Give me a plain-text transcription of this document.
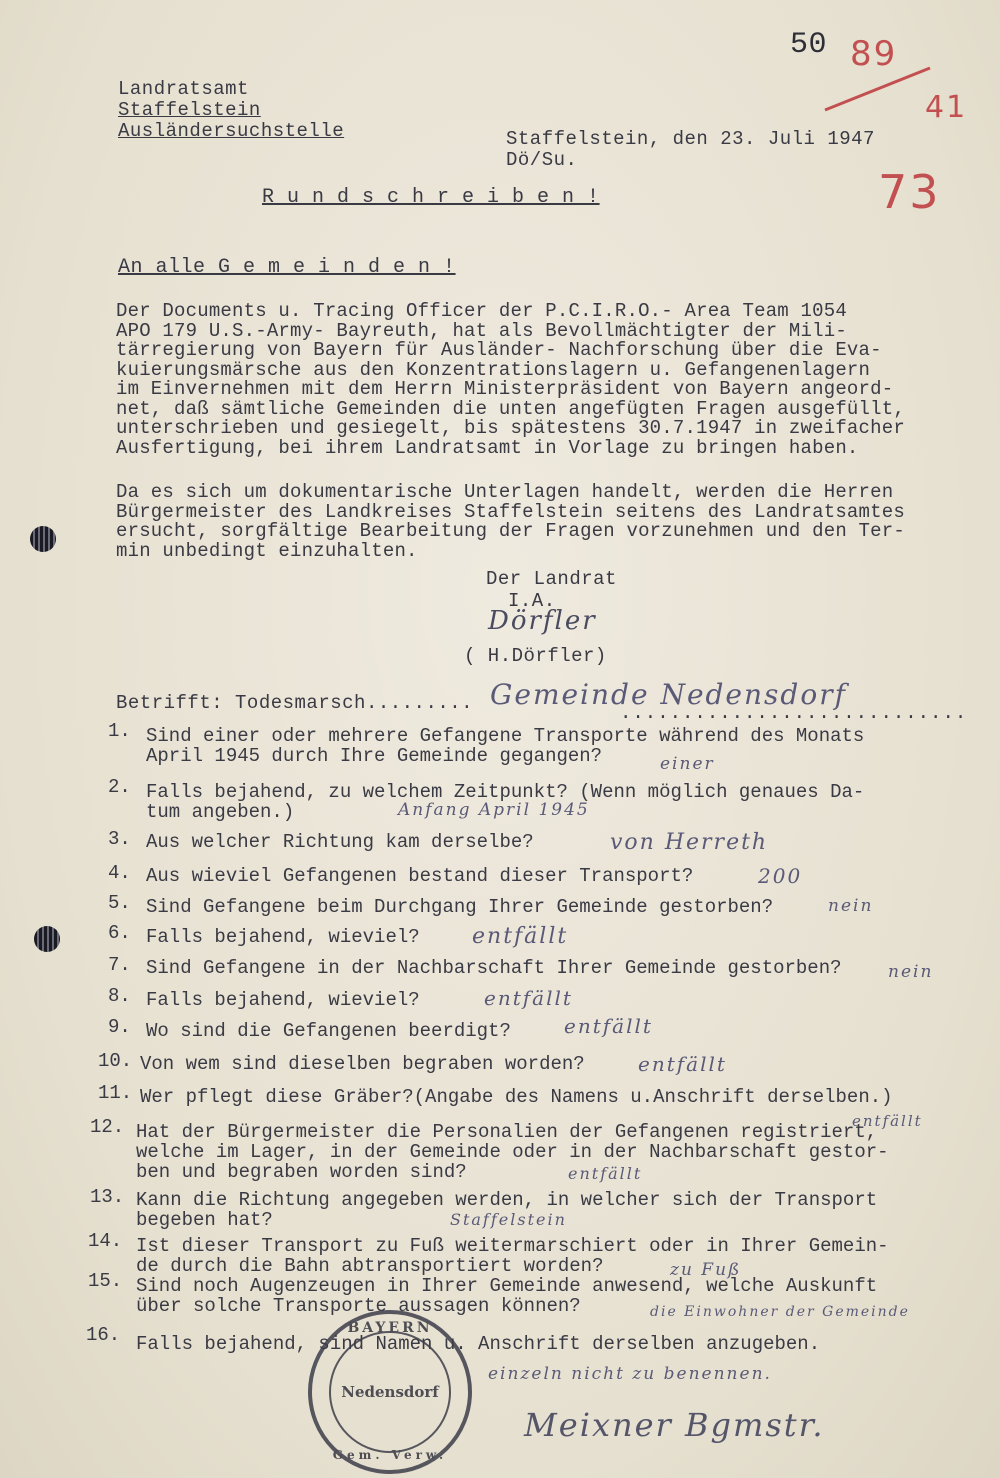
50 89
41
73
Landratsamt
Staffelstein
Ausländersuchstelle	Staffelstein, den 23. Juli 1947
Dö/Su.
R u n d s c h r e i b e n !
An alle G e m e i n d e n !
Der Documents u. Tracing Officer der P.C.I.R.O.- Area Team 1054
APO 179 U.S.-Army- Bayreuth, hat als Bevollmächtigter der Mili-
tärregierung von Bayern für Ausländer- Nachforschung über die Eva-
kuierungsmärsche aus den Konzentrationslagern u. Gefangenenlagern
im Einvernehmen mit dem Herrn Ministerpräsident von Bayern angeord-
net, daß sämtliche Gemeinden die unten angefügten Fragen ausgefüllt,
unterschrieben und gesiegelt, bis spätestens 30.7.1947 in zweifacher
Ausfertigung, bei ihrem Landratsamt in Vorlage zu bringen haben.
Da es sich um dokumentarische Unterlagen handelt, werden die Herren
Bürgermeister des Landkreises Staffelstein seitens des Landratsamtes
ersucht, sorgfältige Bearbeitung der Fragen vorzunehmen und den Ter-
min unbedingt einzuhalten.
Der Landrat
I.A.
Dörfler
( H.Dörfler)
Betrifft: Todesmarsch......... Gemeinde Nedensdorf
............................
1. Sind einer oder mehrere Gefangene Transporte während des Monats
April 1945 durch Ihre Gemeinde gegangen?	einer
2. Falls bejahend, zu welchem Zeitpunkt? (Wenn möglich genaues Da-
tum angeben.)	Anfang April 1945
3. Aus welcher Richtung kam derselbe?	von Herreth
4. Aus wieviel Gefangenen bestand dieser Transport?	200
5. Sind Gefangene beim Durchgang Ihrer Gemeinde gestorben?	nein
6. Falls bejahend, wieviel? entfällt
7. Sind Gefangene in der Nachbarschaft Ihrer Gemeinde gestorben?	nein
8. Falls bejahend, wieviel?	entfällt
9. Wo sind die Gefangenen beerdigt?	entfällt
10. Von wem sind dieselben begraben worden?	entfällt
11. Wer pflegt diese Gräber?(Angabe des Namens u.Anschrift derselben.)
entfällt
12. Hat der Bürgermeister die Personalien der Gefangenen registriert,
welche im Lager, in der Gemeinde oder in der Nachbarschaft gestor-
ben und begraben worden sind?	entfällt
13. Kann die Richtung angegeben werden, in welcher sich der Transport
begeben hat?	Staffelstein
14. Ist dieser Transport zu Fuß weitermarschiert oder in Ihrer Gemein-
de durch die Bahn abtransportiert worden?	zu Fuß
15. Sind noch Augenzeugen in Ihrer Gemeinde anwesend, welche Auskunft
über solche Transporte aussagen können?	die Einwohner der Gemeinde
16. Falls bejahend, sind Namen u. Anschrift derselben anzugeben.
einzeln nicht zu benennen.
BAYERN
Nedensdorf
Gem. Verw.
Meixner Bgmstr.
